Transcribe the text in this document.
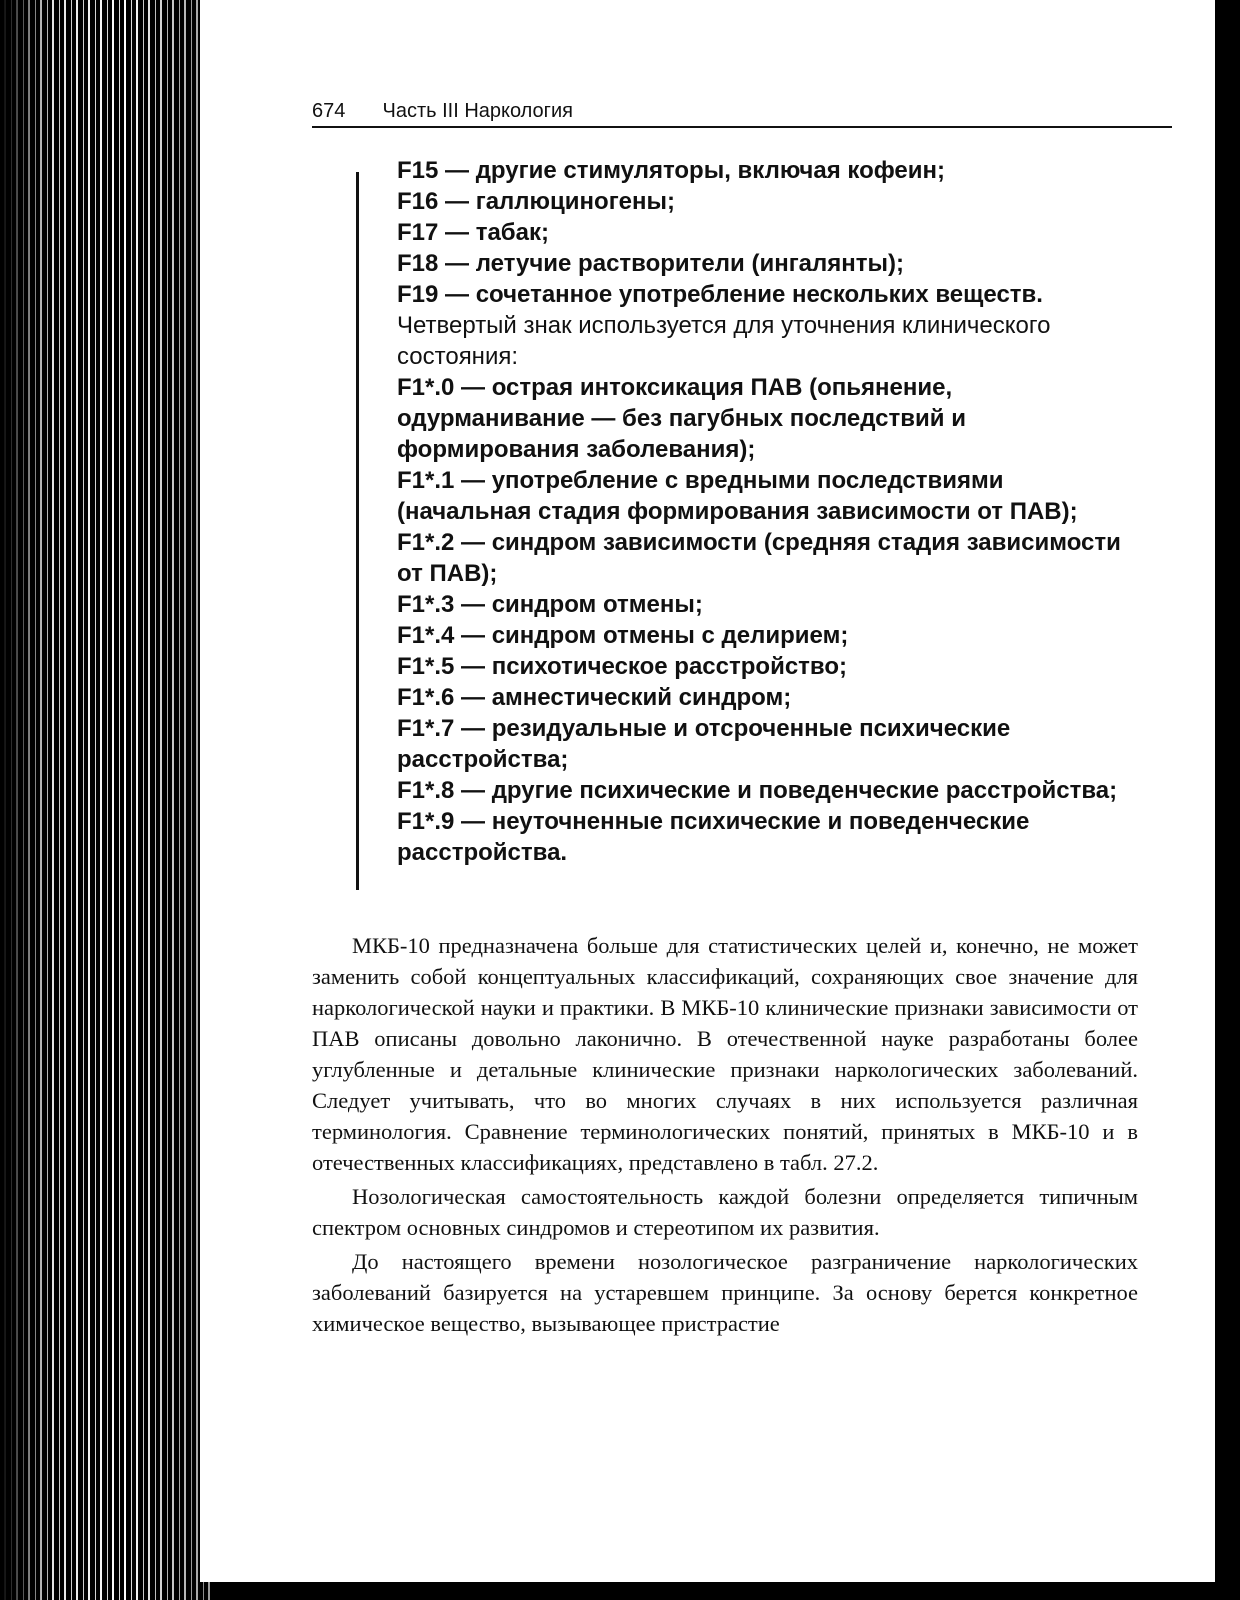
674 Часть III Наркология
F15 — другие стимуляторы, включая кофеин;
F16 — галлюциногены;
F17 — табак;
F18 — летучие растворители (ингалянты);
F19 — сочетанное употребление нескольких веществ.
Четвертый знак используется для уточнения клинического состояния:
F1*.0 — острая интоксикация ПАВ (опьянение, одурманивание — без пагубных последствий и формирования заболевания);
F1*.1 — употребление с вредными последствиями (начальная стадия формирования зависимости от ПАВ);
F1*.2 — синдром зависимости (средняя стадия зависимости от ПАВ);
F1*.3 — синдром отмены;
F1*.4 — синдром отмены с делирием;
F1*.5 — психотическое расстройство;
F1*.6 — амнестический синдром;
F1*.7 — резидуальные и отсроченные психические расстройства;
F1*.8 — другие психические и поведенческие расстройства;
F1*.9 — неуточненные психические и поведенческие расстройства.

МКБ-10 предназначена больше для статистических целей и, конечно, не может заменить собой концептуальных классификаций, сохраняющих свое значение для наркологической науки и практики. В МКБ-10 клинические признаки зависимости от ПАВ описаны довольно лаконично. В отечественной науке разработаны более углубленные и детальные клинические признаки наркологических заболеваний. Следует учитывать, что во многих случаях в них используется различная терминология. Сравнение терминологических понятий, принятых в МКБ-10 и в отечественных классификациях, представлено в табл. 27.2.

Нозологическая самостоятельность каждой болезни определяется типичным спектром основных синдромов и стереотипом их развития.

До настоящего времени нозологическое разграничение наркологических заболеваний базируется на устаревшем принципе. За основу берется конкретное химическое вещество, вызывающее пристрастие
